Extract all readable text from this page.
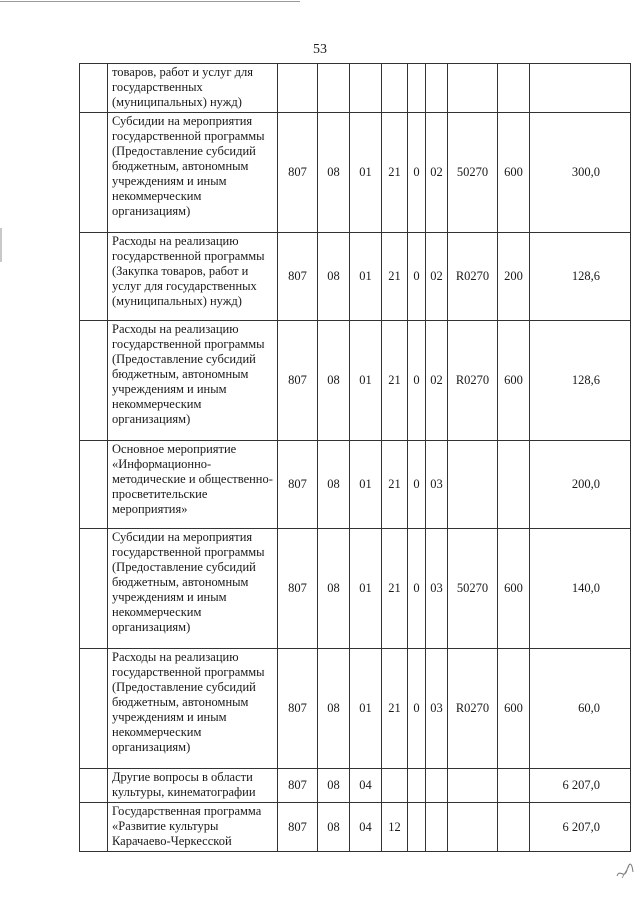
53
	товаров, работ и услуг для государственных (муниципальных) нужд)									
	Субсидии на мероприятия государственной программы (Предоставление субсидий бюджетным, автономным учреждениям и иным некоммерческим организациям)	807	08	01	21	0	02	50270	600	300,0
	Расходы на реализацию государственной программы (Закупка товаров, работ и услуг для государственных (муниципальных) нужд)	807	08	01	21	0	02	R0270	200	128,6
	Расходы на реализацию государственной программы (Предоставление субсидий бюджетным, автономным учреждениям и иным некоммерческим организациям)	807	08	01	21	0	02	R0270	600	128,6
	Основное мероприятие «Информационно-методические и общественно-просветительские мероприятия»	807	08	01	21	0	03			200,0
	Субсидии на мероприятия государственной программы (Предоставление субсидий бюджетным, автономным учреждениям и иным некоммерческим организациям)	807	08	01	21	0	03	50270	600	140,0
	Расходы на реализацию государственной программы (Предоставление субсидий бюджетным, автономным учреждениям и иным некоммерческим организациям)	807	08	01	21	0	03	R0270	600	60,0
	Другие вопросы в области культуры, кинематографии	807	08	04						6 207,0
	Государственная программа «Развитие культуры Карачаево-Черкесской	807	08	04	12					6 207,0
